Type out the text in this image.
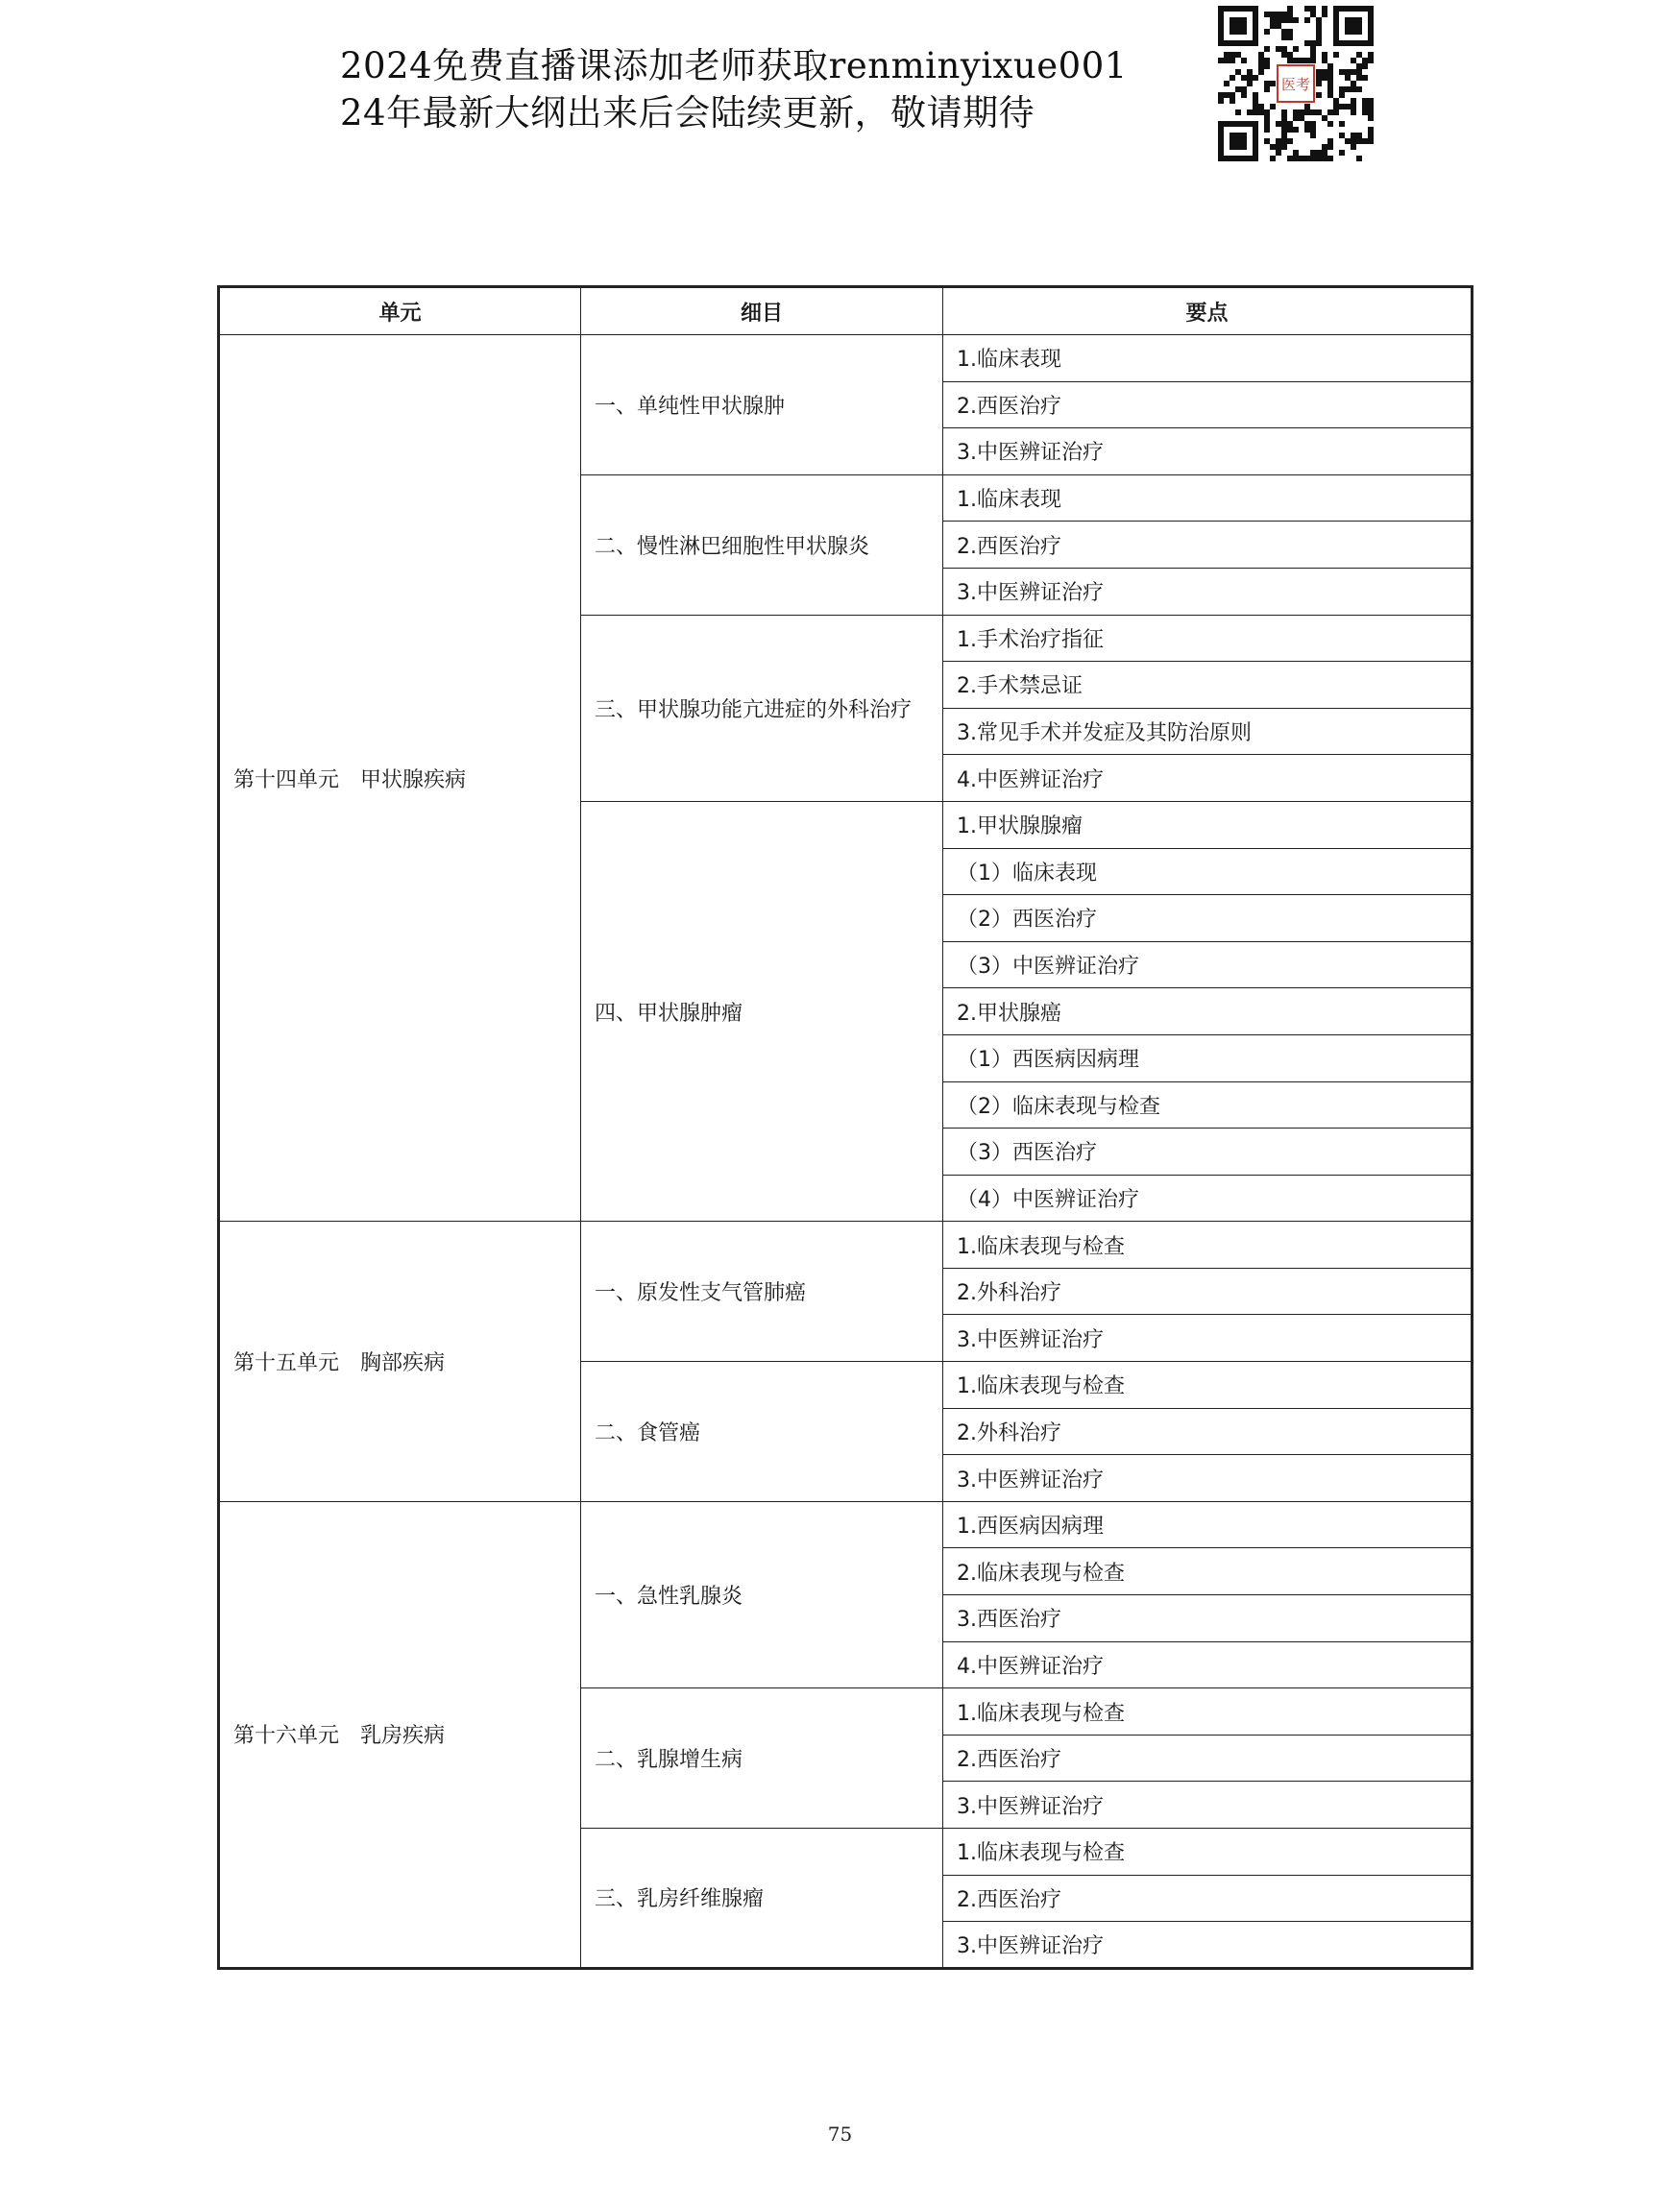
2024免费直播课添加老师获取renminyixue001
24年最新大纲出来后会陆续更新，敬请期待
医考
单元	细目	要点
第十四单元　甲状腺疾病	一、单纯性甲状腺肿	1.临床表现
		2.西医治疗
		3.中医辨证治疗
	二、慢性淋巴细胞性甲状腺炎	1.临床表现
		2.西医治疗
		3.中医辨证治疗
	三、甲状腺功能亢进症的外科治疗	1.手术治疗指征
		2.手术禁忌证
		3.常见手术并发症及其防治原则
		4.中医辨证治疗
	四、甲状腺肿瘤	1.甲状腺腺瘤
		（1）临床表现
		（2）西医治疗
		（3）中医辨证治疗
		2.甲状腺癌
		（1）西医病因病理
		（2）临床表现与检查
		（3）西医治疗
		（4）中医辨证治疗
第十五单元　胸部疾病	一、原发性支气管肺癌	1.临床表现与检查
		2.外科治疗
		3.中医辨证治疗
	二、食管癌	1.临床表现与检查
		2.外科治疗
		3.中医辨证治疗
第十六单元　乳房疾病	一、急性乳腺炎	1.西医病因病理
		2.临床表现与检查
		3.西医治疗
		4.中医辨证治疗
	二、乳腺增生病	1.临床表现与检查
		2.西医治疗
		3.中医辨证治疗
	三、乳房纤维腺瘤	1.临床表现与检查
		2.西医治疗
		3.中医辨证治疗
75
